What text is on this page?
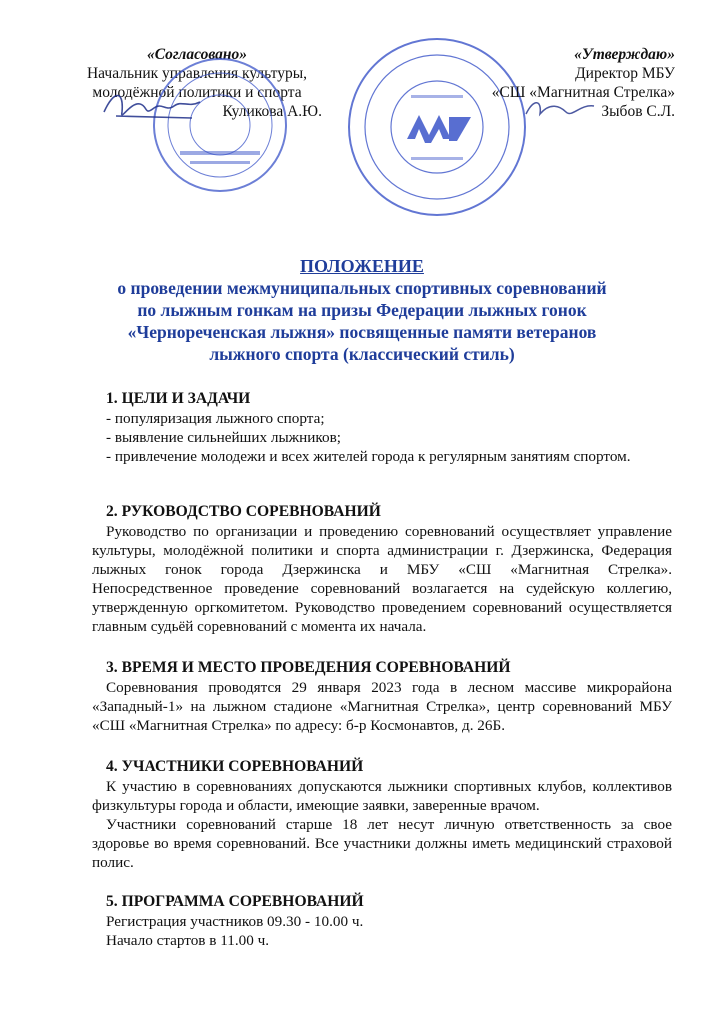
«Согласовано»
Начальник управления культуры,
молодёжной политики и спорта
Куликова А.Ю.
«Утверждаю»
Директор МБУ
«СШ «Магнитная Стрелка»
Зыбов С.Л.
ПОЛОЖЕНИЕ
о проведении межмуниципальных спортивных соревнований
по лыжным гонкам на призы Федерации лыжных гонок
«Чернореченская лыжня» посвященные памяти ветеранов
лыжного спорта (классический стиль)
1. ЦЕЛИ И ЗАДАЧИ

- популяризация лыжного спорта;

- выявление сильнейших лыжников;

- привлечение молодежи и всех жителей города к регулярным занятиям спортом.

2. РУКОВОДСТВО СОРЕВНОВАНИЙ

Руководство по организации и проведению соревнований осуществляет управление культуры, молодёжной политики и спорта администрации г. Дзержинска, Федерация лыжных гонок города Дзержинска и МБУ «СШ «Магнитная Стрелка». Непосредственное проведение соревнований возлагается на судейскую коллегию, утвержденную оргкомитетом. Руководство проведением соревнований осуществляется главным судьёй соревнований с момента их начала.

3. ВРЕМЯ И МЕСТО ПРОВЕДЕНИЯ СОРЕВНОВАНИЙ

Соревнования проводятся 29 января 2023 года в лесном массиве микрорайона «Западный-1» на лыжном стадионе «Магнитная Стрелка», центр соревнований МБУ «СШ «Магнитная Стрелка» по адресу: б-р Космонавтов, д. 26Б.

4. УЧАСТНИКИ СОРЕВНОВАНИЙ

К участию в соревнованиях допускаются лыжники спортивных клубов, коллективов физкультуры города и области, имеющие заявки, заверенные врачом.

Участники соревнований старше 18 лет несут личную ответственность за свое здоровье во время соревнований. Все участники должны иметь медицинский страховой полис.

5. ПРОГРАММА СОРЕВНОВАНИЙ

Регистрация участников 09.30 - 10.00 ч.

Начало стартов в 11.00 ч.
